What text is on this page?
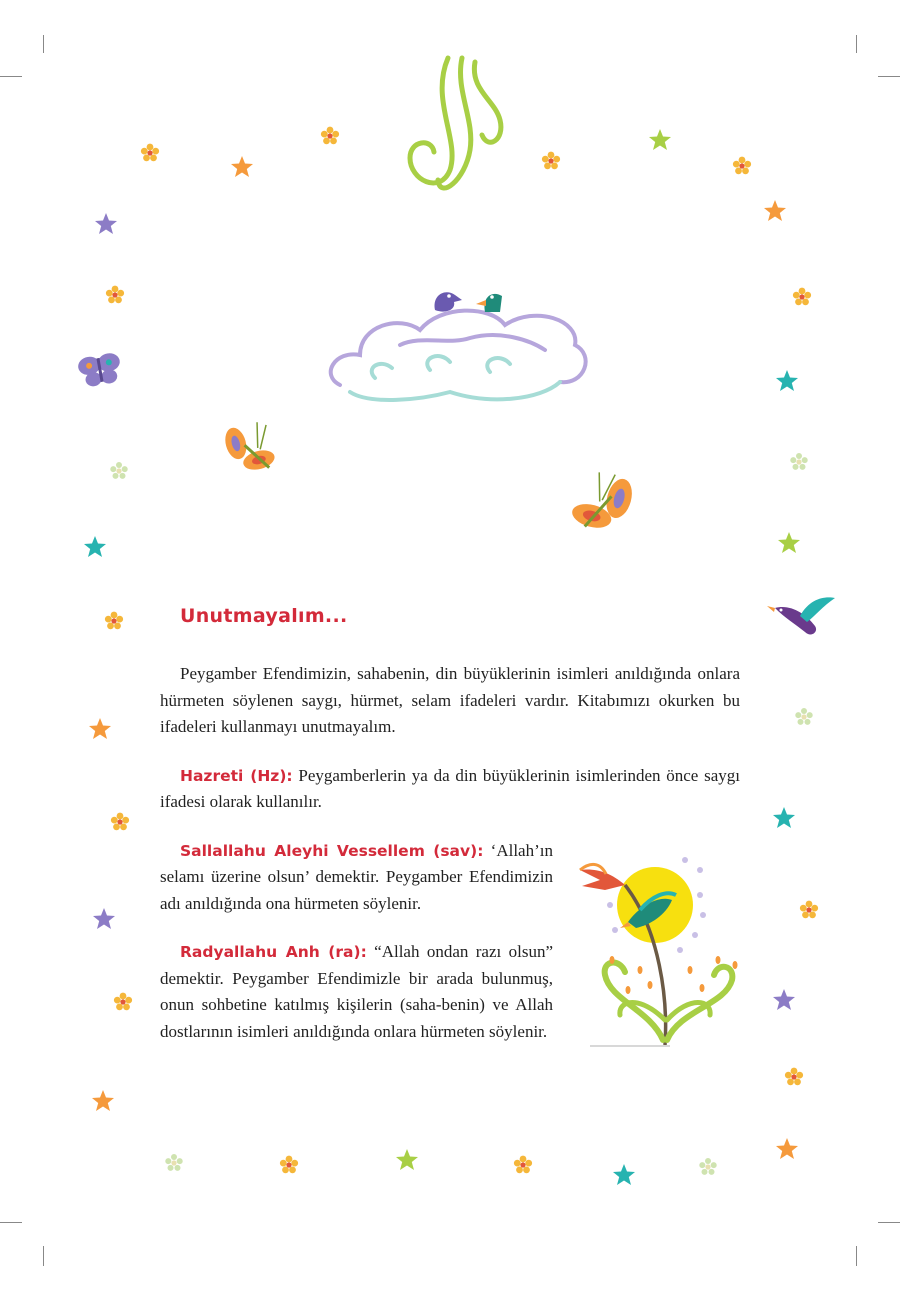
Unutmayalım...

Peygamber Efendimizin, sahabenin, din büyüklerinin isimleri anıldığında onlara hürmeten söylenen saygı, hürmet, selam ifadeleri vardır. Kitabımızı okurken bu ifadeleri kullanmayı unutmayalım.

Hazreti (Hz): Peygamberlerin ya da din büyüklerinin isimlerinden önce saygı ifadesi olarak kullanılır.

Sallallahu Aleyhi Vessellem (sav): ‘Allah’ın selamı üzerine olsun’ demektir. Peygamber Efendimizin adı anıldığında ona hürmeten söylenir.

Radyallahu Anh (ra): “Allah ondan razı olsun” demektir. Peygamber Efendimizle bir arada bulunmuş, onun sohbetine katılmış kişilerin (saha-benin) ve Allah dostlarının isimleri anıldığında onlara hürmeten söylenir.
